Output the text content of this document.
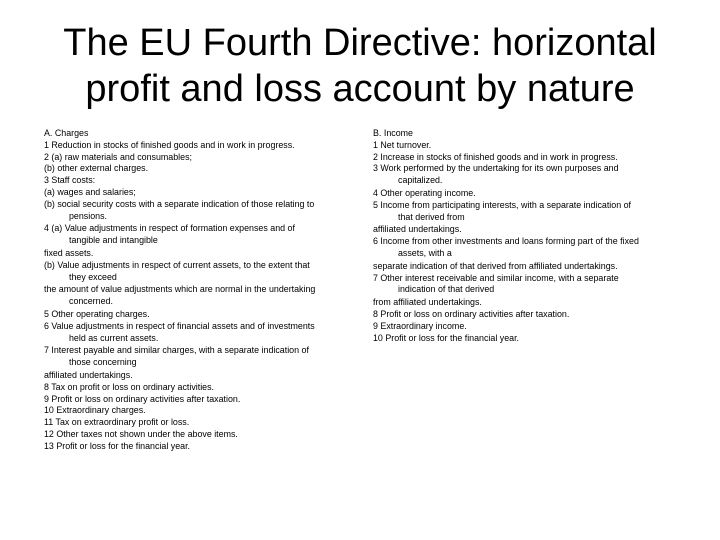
The EU Fourth Directive: horizontal
profit and loss account by nature
A. Charges
1 Reduction in stocks of finished goods and in work in progress.
2 (a) raw materials and consumables;
(b) other external charges.
3 Staff costs:
(a) wages and salaries;
(b) social security costs with a separate indication of those relating to
pensions.
4 (a) Value adjustments in respect of formation expenses and of
tangible and intangible
fixed assets.
(b) Value adjustments in respect of current assets, to the extent that
they exceed
the amount of value adjustments which are normal in the undertaking
concerned.
5 Other operating charges.
6 Value adjustments in respect of financial assets and of investments
held as current assets.
7 Interest payable and similar charges, with a separate indication of
those concerning
affiliated undertakings.
8 Tax on profit or loss on ordinary activities.
9 Profit or loss on ordinary activities after taxation.
10 Extraordinary charges.
11 Tax on extraordinary profit or loss.
12 Other taxes not shown under the above items.
13 Profit or loss for the financial year.
B. Income
1 Net turnover.
2 Increase in stocks of finished goods and in work in progress.
3 Work performed by the undertaking for its own purposes and
capitalized.
4 Other operating income.
5 Income from participating interests, with a separate indication of
that derived from
affiliated undertakings.
6 Income from other investments and loans forming part of the fixed
assets, with a
separate indication of that derived from affiliated undertakings.
7 Other interest receivable and similar income, with a separate
indication of that derived
from affiliated undertakings.
8 Profit or loss on ordinary activities after taxation.
9 Extraordinary income.
10 Profit or loss for the financial year.
